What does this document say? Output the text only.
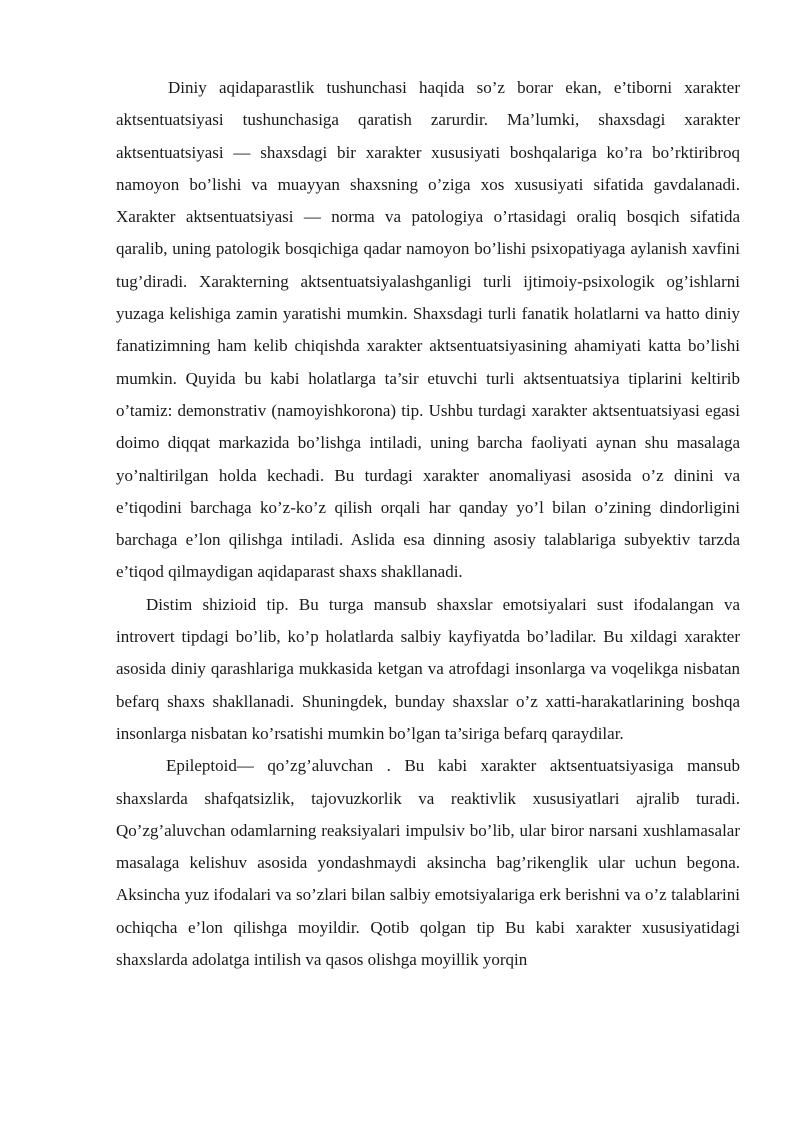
Diniy aqidaparastlik tushunchasi haqida so’z borar ekan, e’tiborni xarakter aktsentuatsiyasi tushunchasiga qaratish zarurdir. Ma’lumki, shaxsdagi xarakter aktsentuatsiyasi — shaxsdagi bir xarakter xususiyati boshqalariga ko’ra bo’rktiribroq namoyon bo’lishi va muayyan shaxsning o’ziga xos xususiyati sifatida gavdalanadi. Xarakter aktsentuatsiyasi — norma va patologiya o’rtasidagi oraliq bosqich sifatida qaralib, uning patologik bosqichiga qadar namoyon bo’lishi psixopatiyaga aylanish xavfini tug’diradi. Xarakterning aktsentuatsiyalashganligi turli ijtimoiy-psixologik og’ishlarni yuzaga kelishiga zamin yaratishi mumkin. Shaxsdagi turli fanatik holatlarni va hatto diniy fanatizimning ham kelib chiqishda xarakter aktsentuatsiyasining ahamiyati katta bo’lishi mumkin. Quyida bu kabi holatlarga ta’sir etuvchi turli aktsentuatsiya tiplarini keltirib o’tamiz: demonstrativ (namoyishkorona) tip. Ushbu turdagi xarakter aktsentuatsiyasi egasi doimo diqqat markazida bo’lishga intiladi, uning barcha faoliyati aynan shu masalaga yo’naltirilgan holda kechadi. Bu turdagi xarakter anomaliyasi asosida o’z dinini va e’tiqodini barchaga ko’z-ko’z qilish orqali har qanday yo’l bilan o’zining dindorligini barchaga e’lon qilishga intiladi. Aslida esa dinning asosiy talablariga subyektiv tarzda e’tiqod qilmaydigan aqidaparast shaxs shakllanadi.

Distim shizioid tip. Bu turga mansub shaxslar emotsiyalari sust ifodalangan va introvert tipdagi bo’lib, ko’p holatlarda salbiy kayfiyatda bo’ladilar. Bu xildagi xarakter asosida diniy qarashlariga mukkasida ketgan va atrofdagi insonlarga va voqelikga nisbatan befarq shaxs shakllanadi. Shuningdek, bunday shaxslar o’z xatti-harakatlarining boshqa insonlarga nisbatan ko’rsatishi mumkin bo’lgan ta’siriga befarq qaraydilar.

Epileptoid— qo’zg’aluvchan . Bu kabi xarakter aktsentuatsiyasiga mansub shaxslarda shafqatsizlik, tajovuzkorlik va reaktivlik xususiyatlari ajralib turadi. Qo’zg’aluvchan odamlarning reaksiyalari impulsiv bo’lib, ular biror narsani xushlamasalar masalaga kelishuv asosida yondashmaydi aksincha bag’rikenglik ular uchun begona. Aksincha yuz ifodalari va so’zlari bilan salbiy emotsiyalariga erk berishni va o’z talablarini ochiqcha e’lon qilishga moyildir. Qotib qolgan tip Bu kabi xarakter xususiyatidagi shaxslarda adolatga intilish va qasos olishga moyillik yorqin
